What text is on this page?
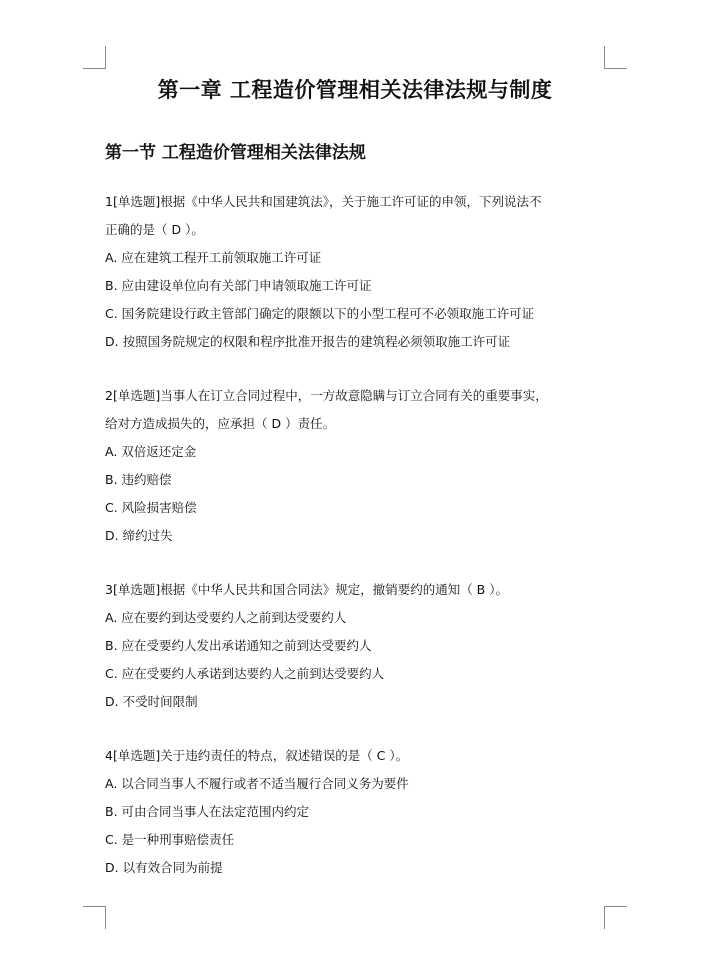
第一章 工程造价管理相关法律法规与制度
第一节 工程造价管理相关法律法规
1[单选题]根据《中华人民共和国建筑法》，关于施工许可证的申领，下列说法不
正确的是（ D ）。
A. 应在建筑工程开工前领取施工许可证
B. 应由建设单位向有关部门申请领取施工许可证
C. 国务院建设行政主管部门确定的限额以下的小型工程可不必领取施工许可证
D. 按照国务院规定的权限和程序批准开报告的建筑程必须领取施工许可证
2[单选题]当事人在订立合同过程中，一方故意隐瞒与订立合同有关的重要事实，
给对方造成损失的，应承担（ D ）责任。
A. 双倍返还定金
B. 违约赔偿
C. 风险损害赔偿
D. 缔约过失
3[单选题]根据《中华人民共和国合同法》规定，撤销要约的通知（ B ）。
A. 应在要约到达受要约人之前到达受要约人
B. 应在受要约人发出承诺通知之前到达受要约人
C. 应在受要约人承诺到达要约人之前到达受要约人
D. 不受时间限制
4[单选题]关于违约责任的特点，叙述错误的是（ C ）。
A. 以合同当事人不履行或者不适当履行合同义务为要件
B. 可由合同当事人在法定范围内约定
C. 是一种刑事赔偿责任
D. 以有效合同为前提
